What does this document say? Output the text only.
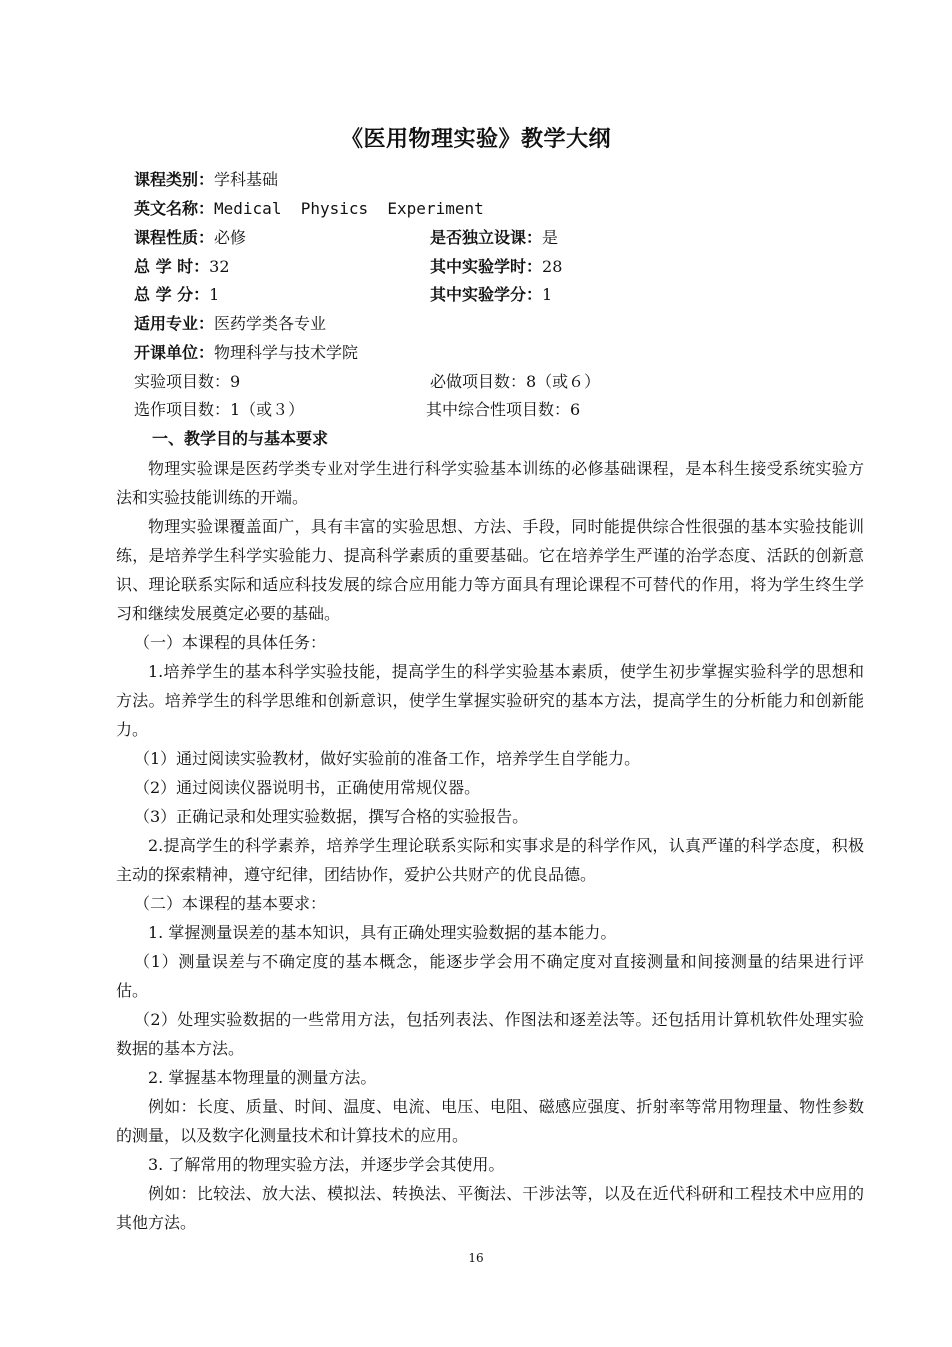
《医用物理实验》教学大纲
课程类别：学科基础
英文名称：Medical  Physics  Experiment
课程性质：必修	是否独立设课：是
总 学 时：32	其中实验学时：28
总 学 分：1	其中实验学分：1
适用专业：医药学类各专业
开课单位：物理科学与技术学院
实验项目数：9	必做项目数：8（或６）
选作项目数：1（或３）	其中综合性项目数：6
一、教学目的与基本要求

物理实验课是医药学类专业对学生进行科学实验基本训练的必修基础课程，是本科生接受系统实验方法和实验技能训练的开端。

物理实验课覆盖面广，具有丰富的实验思想、方法、手段，同时能提供综合性很强的基本实验技能训练，是培养学生科学实验能力、提高科学素质的重要基础。它在培养学生严谨的治学态度、活跃的创新意识、理论联系实际和适应科技发展的综合应用能力等方面具有理论课程不可替代的作用，将为学生终生学习和继续发展奠定必要的基础。

（一）本课程的具体任务：

1.培养学生的基本科学实验技能，提高学生的科学实验基本素质，使学生初步掌握实验科学的思想和方法。培养学生的科学思维和创新意识，使学生掌握实验研究的基本方法，提高学生的分析能力和创新能力。

（1）通过阅读实验教材，做好实验前的准备工作，培养学生自学能力。

（2）通过阅读仪器说明书，正确使用常规仪器。

（3）正确记录和处理实验数据，撰写合格的实验报告。

2.提高学生的科学素养，培养学生理论联系实际和实事求是的科学作风，认真严谨的科学态度，积极主动的探索精神，遵守纪律，团结协作，爱护公共财产的优良品德。

（二）本课程的基本要求：

1. 掌握测量误差的基本知识，具有正确处理实验数据的基本能力。

（1）测量误差与不确定度的基本概念，能逐步学会用不确定度对直接测量和间接测量的结果进行评估。

（2）处理实验数据的一些常用方法，包括列表法、作图法和逐差法等。还包括用计算机软件处理实验数据的基本方法。

2. 掌握基本物理量的测量方法。

例如：长度、质量、时间、温度、电流、电压、电阻、磁感应强度、折射率等常用物理量、物性参数的测量，以及数字化测量技术和计算技术的应用。

3. 了解常用的物理实验方法，并逐步学会其使用。

例如：比较法、放大法、模拟法、转换法、平衡法、干涉法等，以及在近代科研和工程技术中应用的其他方法。

16
